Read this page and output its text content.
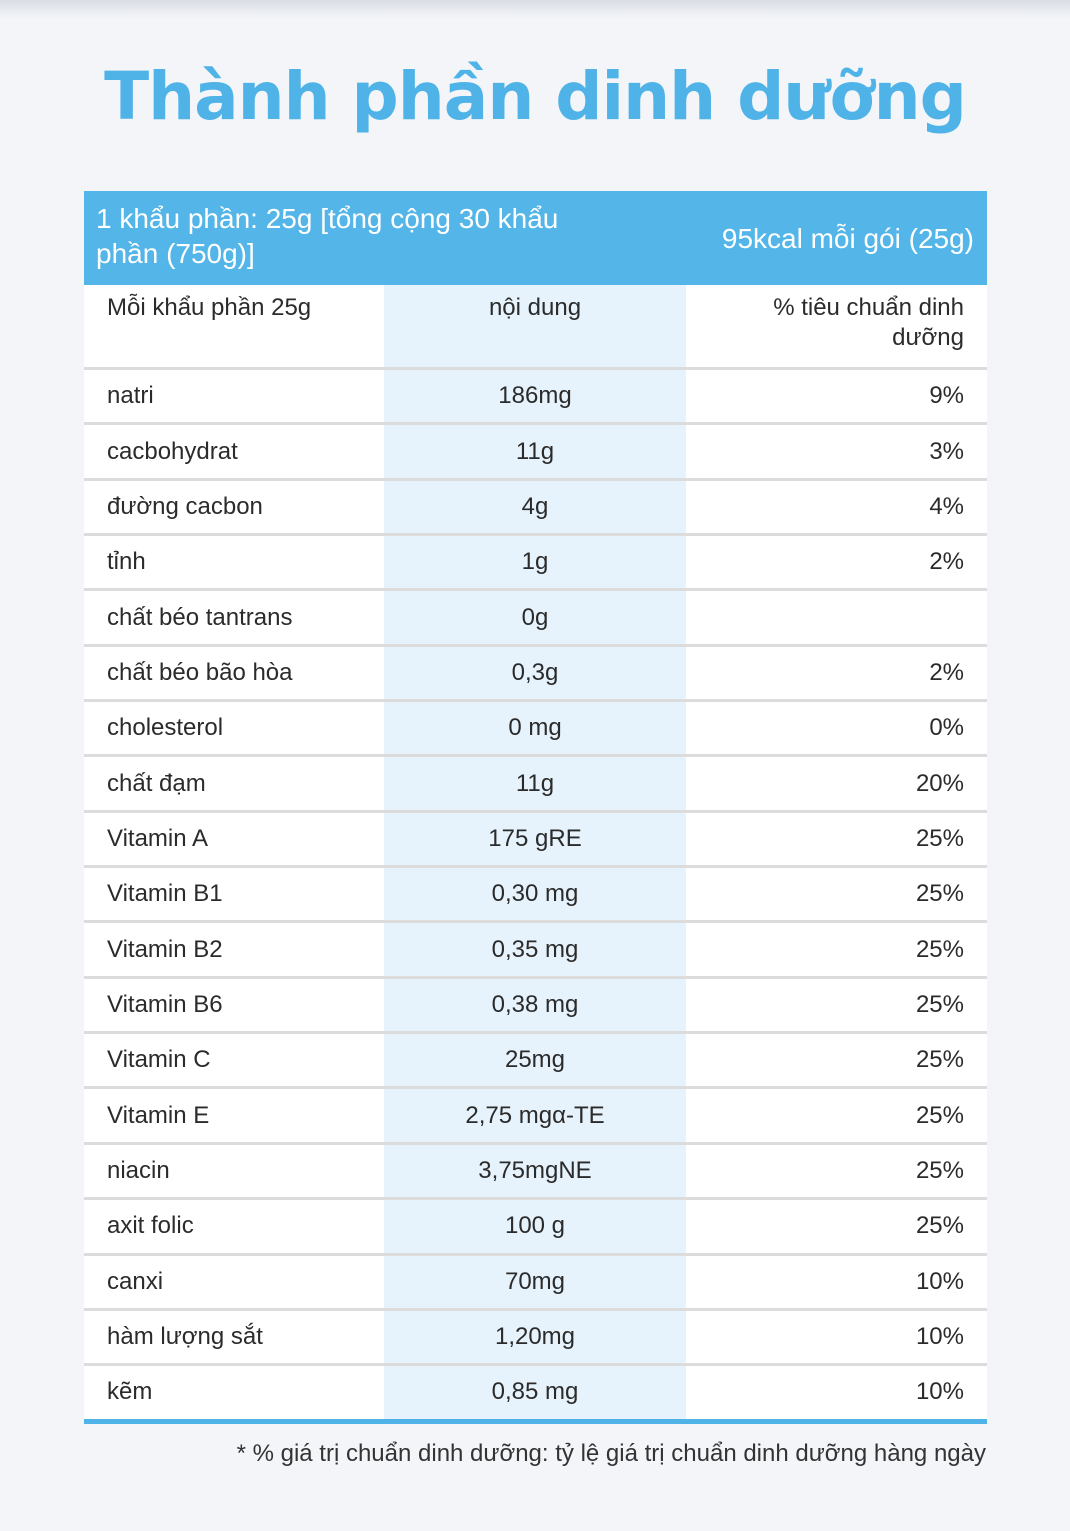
Thành phần dinh dưỡng
1 khẩu phần: 25g [tổng cộng 30 khẩu
phần (750g)]	95kcal mỗi gói (25g)
Mỗi khẩu phần 25g	nội dung	% tiêu chuẩn dinh
dưỡng
natri	186mg	9%
cacbohydrat	11g	3%
đường cacbon	4g	4%
tỉnh	1g	2%
chất béo tantrans	0g
chất béo bão hòa	0,3g	2%
cholesterol	0 mg	0%
chất đạm	11g	20%
Vitamin A	175 gRE	25%
Vitamin B1	0,30 mg	25%
Vitamin B2	0,35 mg	25%
Vitamin B6	0,38 mg	25%
Vitamin C	25mg	25%
Vitamin E	2,75 mgα-TE	25%
niacin	3,75mgNE	25%
axit folic	100 g	25%
canxi	70mg	10%
hàm lượng sắt	1,20mg	10%
kẽm	0,85 mg	10%
* % giá trị chuẩn dinh dưỡng: tỷ lệ giá trị chuẩn dinh dưỡng hàng ngày
